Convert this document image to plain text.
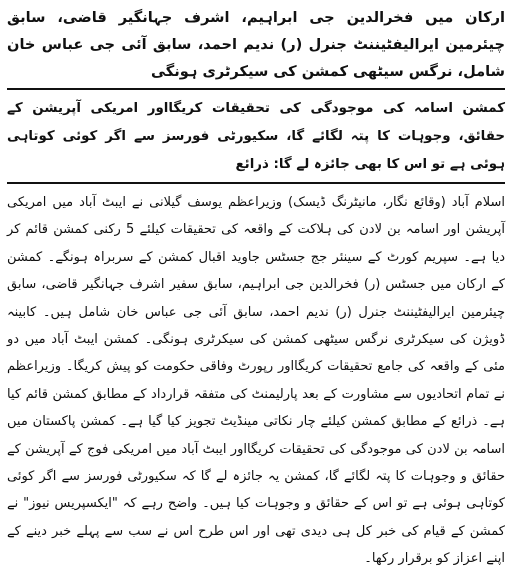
ارکان میں فخرالدین جی ابراہیم، اشرف جہانگیر قاضی، سابق چیئرمین ایرالیفٹیننٹ جنرل (ر) ندیم احمد، سابق آئی جی عباس خان شامل، نرگس سیٹھی کمشن کی سیکرٹری ہونگی

کمشن اسامہ کی موجودگی کی تحقیقات کریگااور امریکی آپریشن کے حقائق، وجوہات کا پتہ لگائے گا، سکیورٹی فورسز سے اگر کوئی کوتاہی ہوئی ہے تو اس کا بھی جائزہ لے گا: ذرائع

اسلام آباد (وقائع نگار، مانیٹرنگ ڈیسک) وزیراعظم یوسف گیلانی نے ایبٹ آباد میں امریکی آپریشن اور اسامہ بن لادن کی ہلاکت کے واقعہ کی تحقیقات کیلئے 5 رکنی کمشن قائم کر دیا ہے۔ سپریم کورٹ کے سینئر جج جسٹس جاوید اقبال کمشن کے سربراہ ہونگے۔ کمشن کے ارکان میں جسٹس (ر) فخرالدین جی ابراہیم، سابق سفیر اشرف جہانگیر قاضی، سابق چیئرمین ایرالیفٹیننٹ جنرل (ر) ندیم احمد، سابق آئی جی عباس خان شامل ہیں۔ کابینہ ڈویژن کی سیکرٹری نرگس سیٹھی کمشن کی سیکرٹری ہونگی۔ کمشن ایبٹ آباد میں دو مئی کے واقعہ کی جامع تحقیقات کریگااور رپورٹ وفاقی حکومت کو پیش کریگا۔ وزیراعظم نے تمام اتحادیوں سے مشاورت کے بعد پارلیمنٹ کی متفقہ قرارداد کے مطابق کمشن قائم کیا ہے۔ ذرائع کے مطابق کمشن کیلئے چار نکاتی مینڈیٹ تجویز کیا گیا ہے۔ کمشن پاکستان میں اسامہ بن لادن کی موجودگی کی تحقیقات کریگااور ایبٹ آباد میں امریکی فوج کے آپریشن کے حقائق و وجوہات کا پتہ لگائے گا، کمشن یہ جائزہ لے گا کہ سکیورٹی فورسز سے اگر کوئی کوتاہی ہوئی ہے تو اس کے حقائق و وجوہات کیا ہیں۔ واضح رہے کہ "ایکسپریس نیوز" نے کمشن کے قیام کی خبر کل ہی دیدی تھی اور اس طرح اس نے سب سے پہلے خبر دینے کے اپنے اعزاز کو برقرار رکھا۔
